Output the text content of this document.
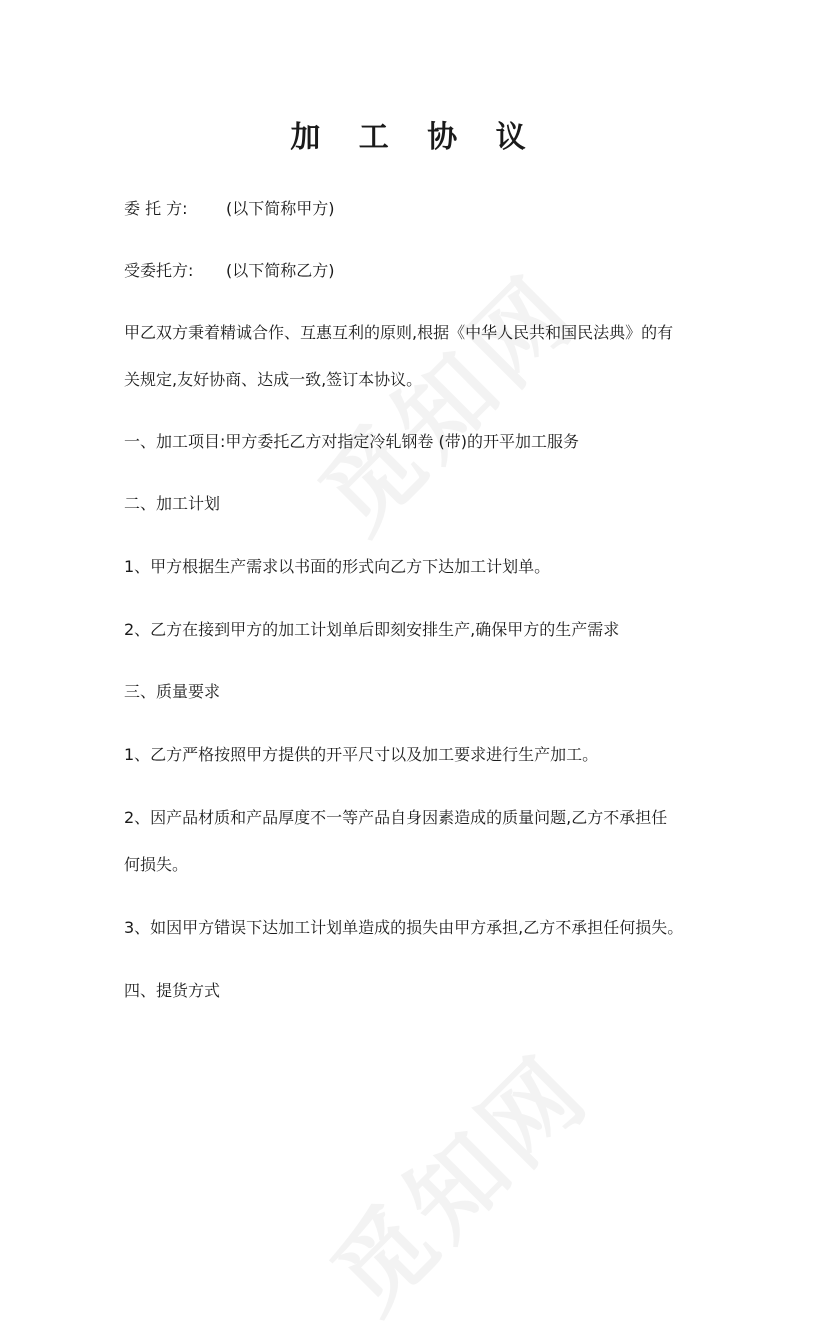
加 工 协 议

委 托 方: (以下简称甲方)

受委托方: (以下简称乙方)

甲乙双方秉着精诚合作、互惠互利的原则,根据《中华人民共和国民法典》的有

关规定,友好协商、达成一致,签订本协议。

一、加工项目:甲方委托乙方对指定冷轧钢卷 (带)的开平加工服务

二、加工计划

1、甲方根据生产需求以书面的形式向乙方下达加工计划单。

2、乙方在接到甲方的加工计划单后即刻安排生产,确保甲方的生产需求

三、质量要求

1、乙方严格按照甲方提供的开平尺寸以及加工要求进行生产加工。

2、因产品材质和产品厚度不一等产品自身因素造成的质量问题,乙方不承担任

何损失。

3、如因甲方错误下达加工计划单造成的损失由甲方承担,乙方不承担任何损失。

四、提货方式
